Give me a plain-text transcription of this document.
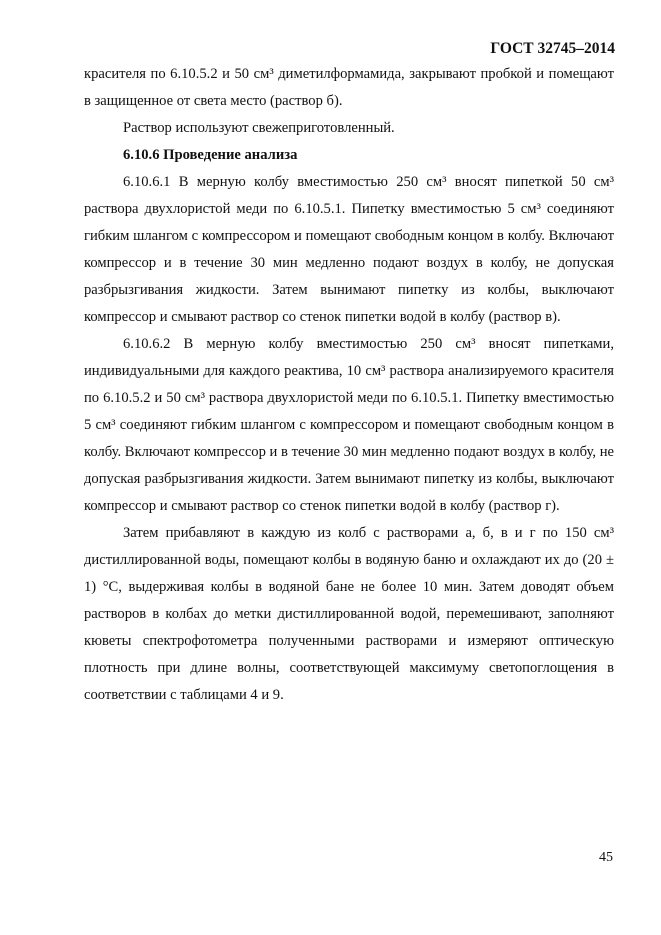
ГОСТ 32745–2014

красителя по 6.10.5.2 и 50 см³ диметилформамида, закрывают пробкой и помещают в защищенное от света место (раствор б).

Раствор используют свежеприготовленный.

6.10.6 Проведение анализа

6.10.6.1 В мерную колбу вместимостью 250 см³ вносят пипеткой 50 см³ раствора двухлористой меди по 6.10.5.1. Пипетку вместимостью 5 см³ соединяют гибким шлангом с компрессором и помещают свободным концом в колбу. Включают компрессор и в течение 30 мин медленно подают воздух в колбу, не допуская разбрызгивания жидкости. Затем вынимают пипетку из колбы, выключают компрессор и смывают раствор со стенок пипетки водой в колбу (раствор в).

6.10.6.2 В мерную колбу вместимостью 250 см³ вносят пипетками, индивидуальными для каждого реактива, 10 см³ раствора анализируемого красителя по 6.10.5.2 и 50 см³ раствора двухлористой меди по 6.10.5.1. Пипетку вместимостью 5 см³ соединяют гибким шлангом с компрессором и помещают свободным концом в колбу. Включают компрессор и в течение 30 мин медленно подают воздух в колбу, не допуская разбрызгивания жидкости. Затем вынимают пипетку из колбы, выключают компрессор и смывают раствор со стенок пипетки водой в колбу (раствор г).

Затем прибавляют в каждую из колб с растворами а, б, в и г по 150 см³ дистиллированной воды, помещают колбы в водяную баню и охлаждают их до (20 ± 1) °С, выдерживая колбы в водяной бане не более 10 мин. Затем доводят объем растворов в колбах до метки дистиллированной водой, перемешивают, заполняют кюветы спектрофотометра полученными растворами и измеряют оптическую плотность при длине волны, соответствующей максимуму светопоглощения в соответствии с таблицами 4 и 9.

45
